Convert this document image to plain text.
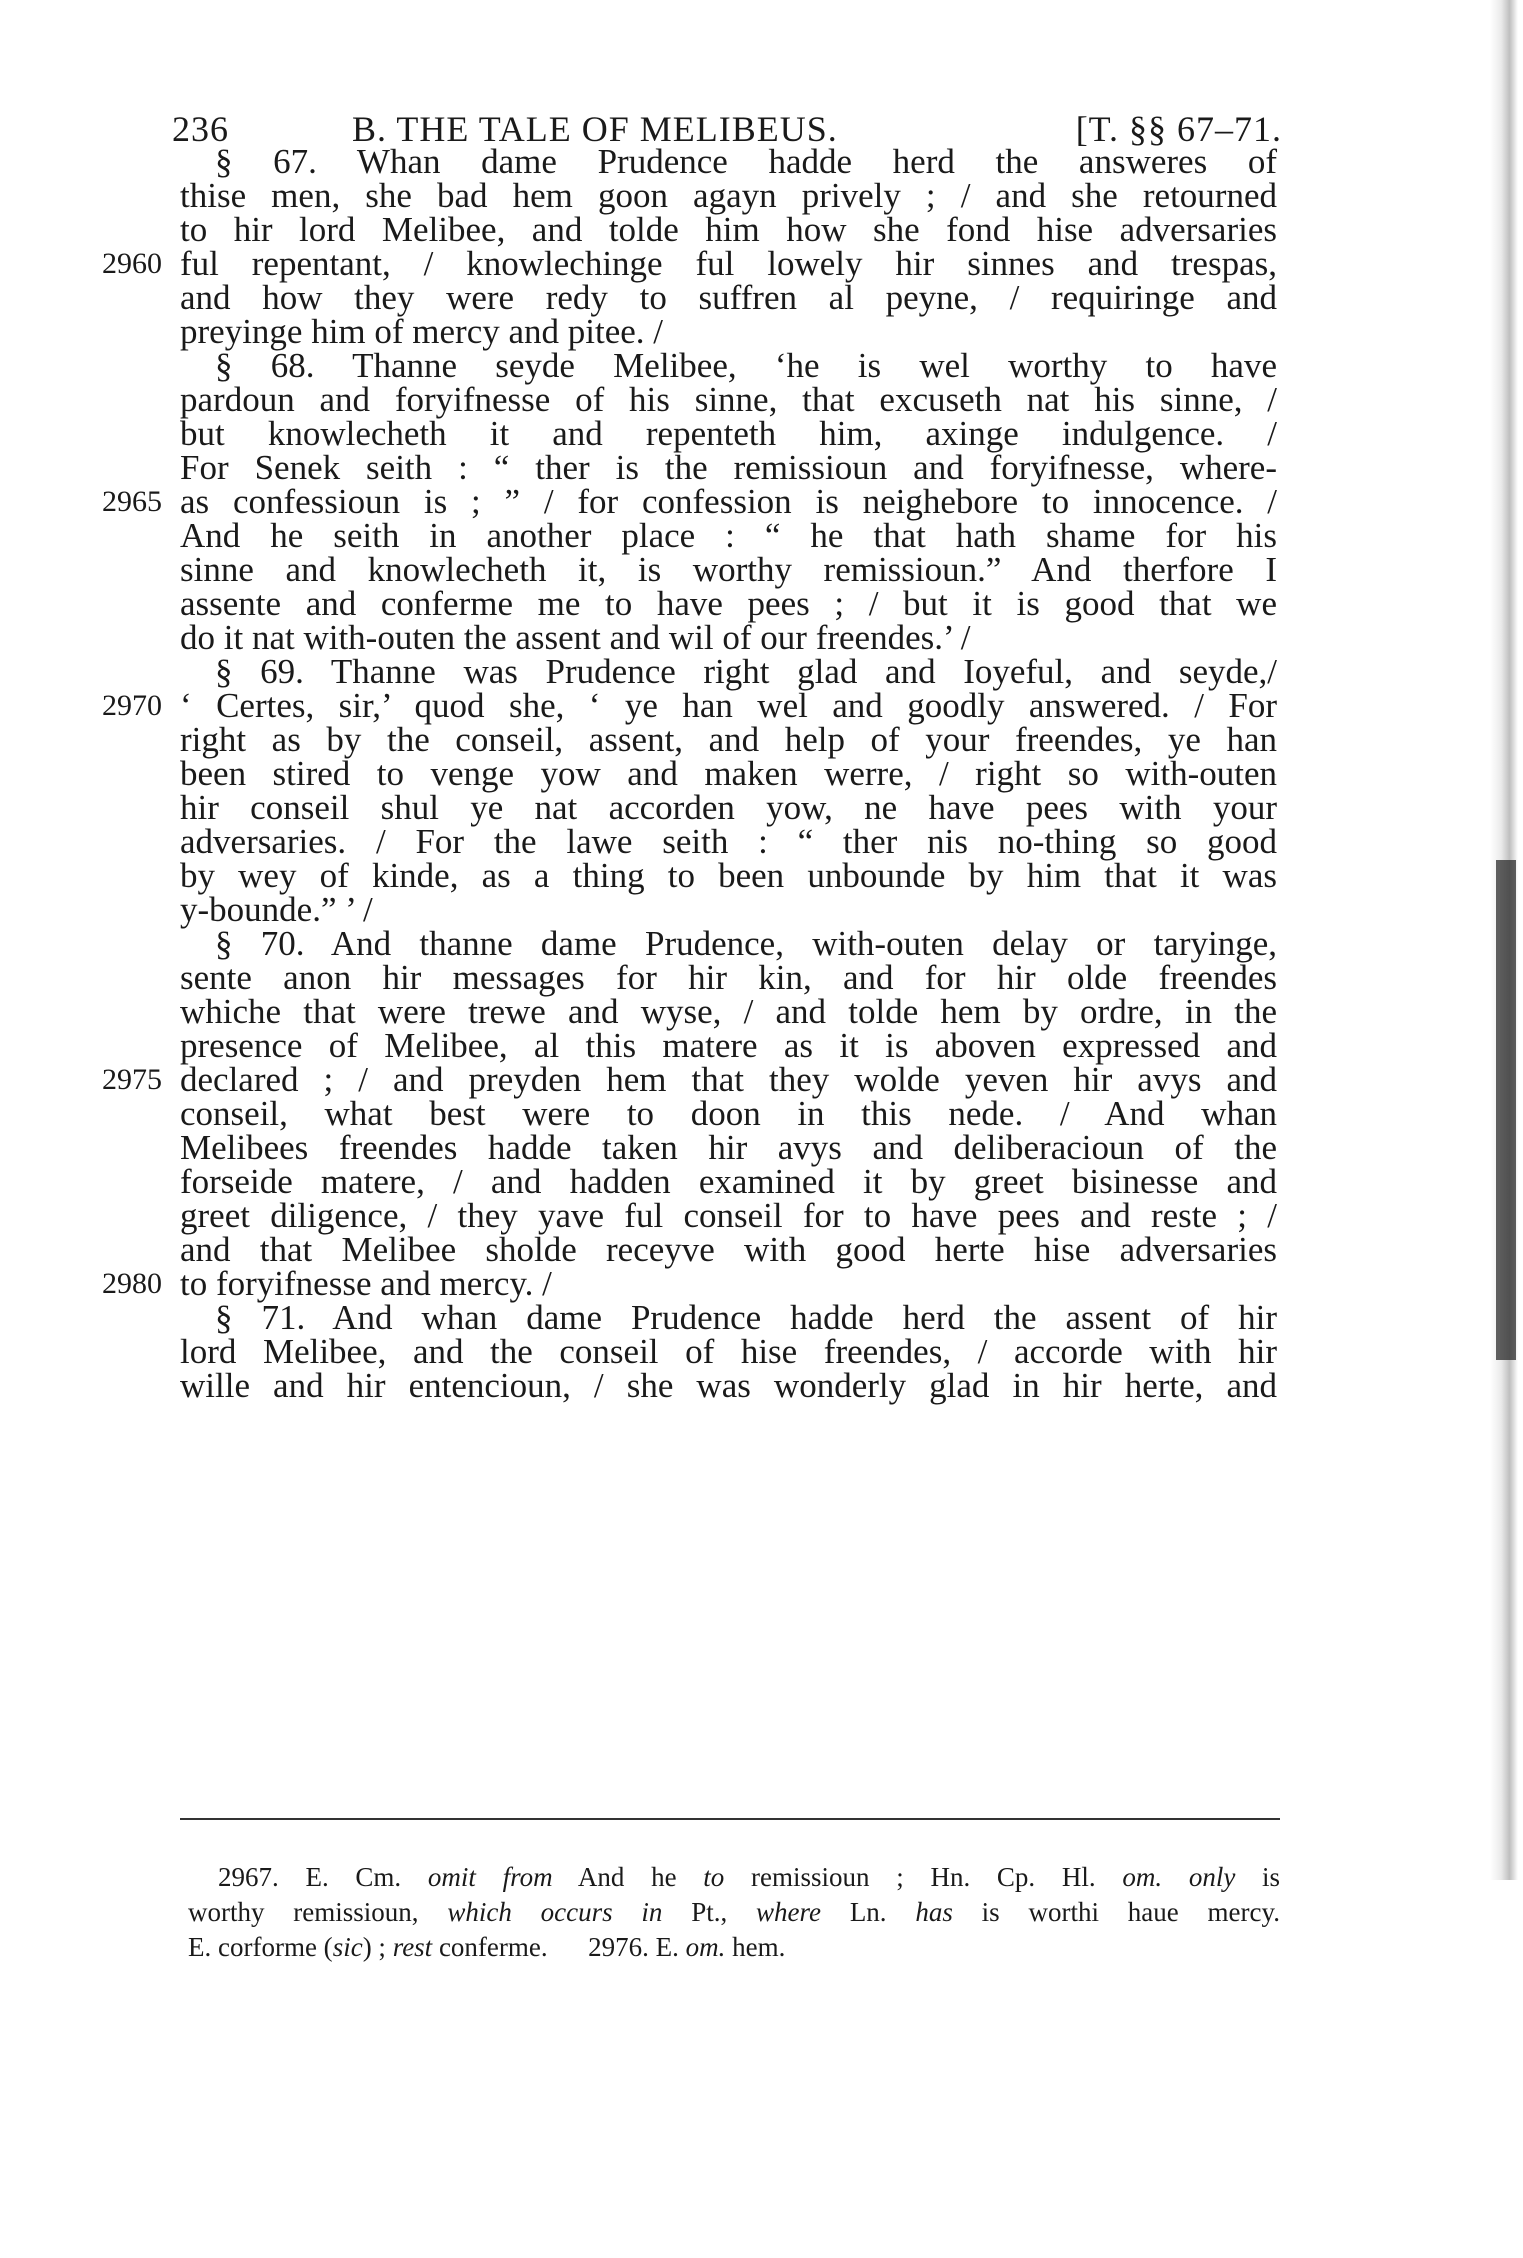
236	B. THE TALE OF MELIBEUS.	[T. §§ 67–71.
§ 67. Whan dame Prudence hadde herd the answeres of
thise men, she bad hem goon agayn prively ; / and she retourned
to hir lord Melibee, and tolde him how she fond hise adversaries
ful repentant, / knowlechinge ful lowely hir sinnes and trespas,
and how they were redy to suffren al peyne, / requiringe and
preyinge him of mercy and pitee. /
§ 68. Thanne seyde Melibee, ‘he is wel worthy to have
pardoun and foryifnesse of his sinne, that excuseth nat his sinne, /
but knowlecheth it and repenteth him, axinge indulgence. /
For Senek seith : “ ther is the remissioun and foryifnesse, where-
as confessioun is ; ” / for confession is neighebore to innocence. /
And he seith in another place : “ he that hath shame for his
sinne and knowlecheth it, is worthy remissioun.” And therfore I
assente and conferme me to have pees ; / but it is good that we
do it nat with-outen the assent and wil of our freendes.’ /
§ 69. Thanne was Prudence right glad and Ioyeful, and seyde,/
‘ Certes, sir,’ quod she, ‘ ye han wel and goodly answered. / For
right as by the conseil, assent, and help of your freendes, ye han
been stired to venge yow and maken werre, / right so with-outen
hir conseil shul ye nat accorden yow, ne have pees with your
adversaries. / For the lawe seith : “ ther nis no-thing so good
by wey of kinde, as a thing to been unbounde by him that it was
y-bounde.” ’ /
§ 70. And thanne dame Prudence, with-outen delay or taryinge,
sente anon hir messages for hir kin, and for hir olde freendes
whiche that were trewe and wyse, / and tolde hem by ordre, in the
presence of Melibee, al this matere as it is aboven expressed and
declared ; / and preyden hem that they wolde yeven hir avys and
conseil, what best were to doon in this nede. / And whan
Melibees freendes hadde taken hir avys and deliberacioun of the
forseide matere, / and hadden examined it by greet bisinesse and
greet diligence, / they yave ful conseil for to have pees and reste ; /
and that Melibee sholde receyve with good herte hise adversaries
to foryifnesse and mercy. /
§ 71. And whan dame Prudence hadde herd the assent of hir
lord Melibee, and the conseil of hise freendes, / accorde with hir
wille and hir entencioun, / she was wonderly glad in hir herte, and
2960
2965
2970
2975
2980
2967. E. Cm. omit from And he to remissioun ; Hn. Cp. Hl. om. only is
worthy remissioun, which occurs in Pt., where Ln. has is worthi haue mercy.
E. corforme (sic) ; rest conferme.      2976. E. om. hem.
